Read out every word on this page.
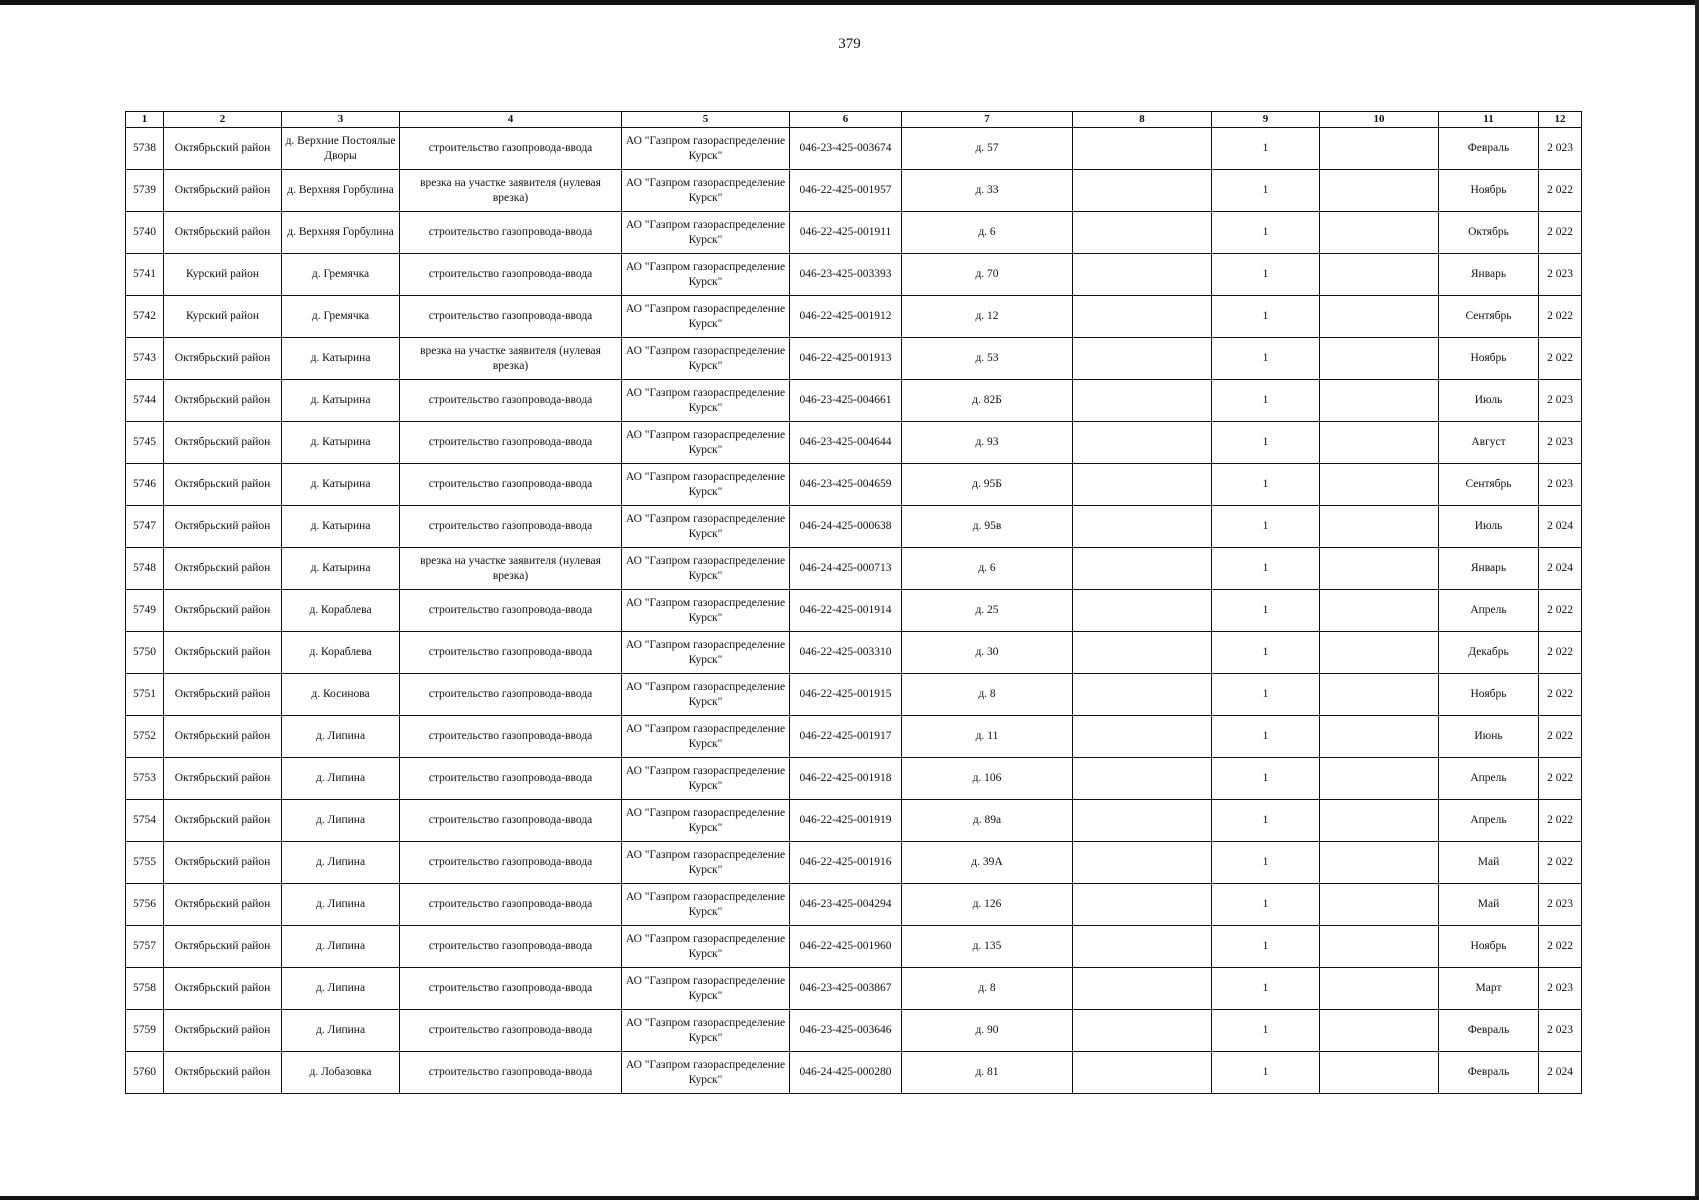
379
1	2	3	4	5	6	7	8	9	10	11	12
5738	Октябрьский район	д. Верхние Постоялые Дворы	строительство газопровода-ввода	АО "Газпром газораспределение Курск"	046-23-425-003674	д. 57		1		Февраль	2 023
5739	Октябрьский район	д. Верхняя Горбулина	врезка на участке заявителя (нулевая врезка)	АО "Газпром газораспределение Курск"	046-22-425-001957	д. 33		1		Ноябрь	2 022
5740	Октябрьский район	д. Верхняя Горбулина	строительство газопровода-ввода	АО "Газпром газораспределение Курск"	046-22-425-001911	д. 6		1		Октябрь	2 022
5741	Курский район	д. Гремячка	строительство газопровода-ввода	АО "Газпром газораспределение Курск"	046-23-425-003393	д. 70		1		Январь	2 023
5742	Курский район	д. Гремячка	строительство газопровода-ввода	АО "Газпром газораспределение Курск"	046-22-425-001912	д. 12		1		Сентябрь	2 022
5743	Октябрьский район	д. Катырина	врезка на участке заявителя (нулевая врезка)	АО "Газпром газораспределение Курск"	046-22-425-001913	д. 53		1		Ноябрь	2 022
5744	Октябрьский район	д. Катырина	строительство газопровода-ввода	АО "Газпром газораспределение Курск"	046-23-425-004661	д. 82Б		1		Июль	2 023
5745	Октябрьский район	д. Катырина	строительство газопровода-ввода	АО "Газпром газораспределение Курск"	046-23-425-004644	д. 93		1		Август	2 023
5746	Октябрьский район	д. Катырина	строительство газопровода-ввода	АО "Газпром газораспределение Курск"	046-23-425-004659	д. 95Б		1		Сентябрь	2 023
5747	Октябрьский район	д. Катырина	строительство газопровода-ввода	АО "Газпром газораспределение Курск"	046-24-425-000638	д. 95в		1		Июль	2 024
5748	Октябрьский район	д. Катырина	врезка на участке заявителя (нулевая врезка)	АО "Газпром газораспределение Курск"	046-24-425-000713	д. 6		1		Январь	2 024
5749	Октябрьский район	д. Кораблева	строительство газопровода-ввода	АО "Газпром газораспределение Курск"	046-22-425-001914	д. 25		1		Апрель	2 022
5750	Октябрьский район	д. Кораблева	строительство газопровода-ввода	АО "Газпром газораспределение Курск"	046-22-425-003310	д. 30		1		Декабрь	2 022
5751	Октябрьский район	д. Косинова	строительство газопровода-ввода	АО "Газпром газораспределение Курск"	046-22-425-001915	д. 8		1		Ноябрь	2 022
5752	Октябрьский район	д. Липина	строительство газопровода-ввода	АО "Газпром газораспределение Курск"	046-22-425-001917	д. 11		1		Июнь	2 022
5753	Октябрьский район	д. Липина	строительство газопровода-ввода	АО "Газпром газораспределение Курск"	046-22-425-001918	д. 106		1		Апрель	2 022
5754	Октябрьский район	д. Липина	строительство газопровода-ввода	АО "Газпром газораспределение Курск"	046-22-425-001919	д. 89а		1		Апрель	2 022
5755	Октябрьский район	д. Липина	строительство газопровода-ввода	АО "Газпром газораспределение Курск"	046-22-425-001916	д. 39А		1		Май	2 022
5756	Октябрьский район	д. Липина	строительство газопровода-ввода	АО "Газпром газораспределение Курск"	046-23-425-004294	д. 126		1		Май	2 023
5757	Октябрьский район	д. Липина	строительство газопровода-ввода	АО "Газпром газораспределение Курск"	046-22-425-001960	д. 135		1		Ноябрь	2 022
5758	Октябрьский район	д. Липина	строительство газопровода-ввода	АО "Газпром газораспределение Курск"	046-23-425-003867	д. 8		1		Март	2 023
5759	Октябрьский район	д. Липина	строительство газопровода-ввода	АО "Газпром газораспределение Курск"	046-23-425-003646	д. 90		1		Февраль	2 023
5760	Октябрьский район	д. Лобазовка	строительство газопровода-ввода	АО "Газпром газораспределение Курск"	046-24-425-000280	д. 81		1		Февраль	2 024
